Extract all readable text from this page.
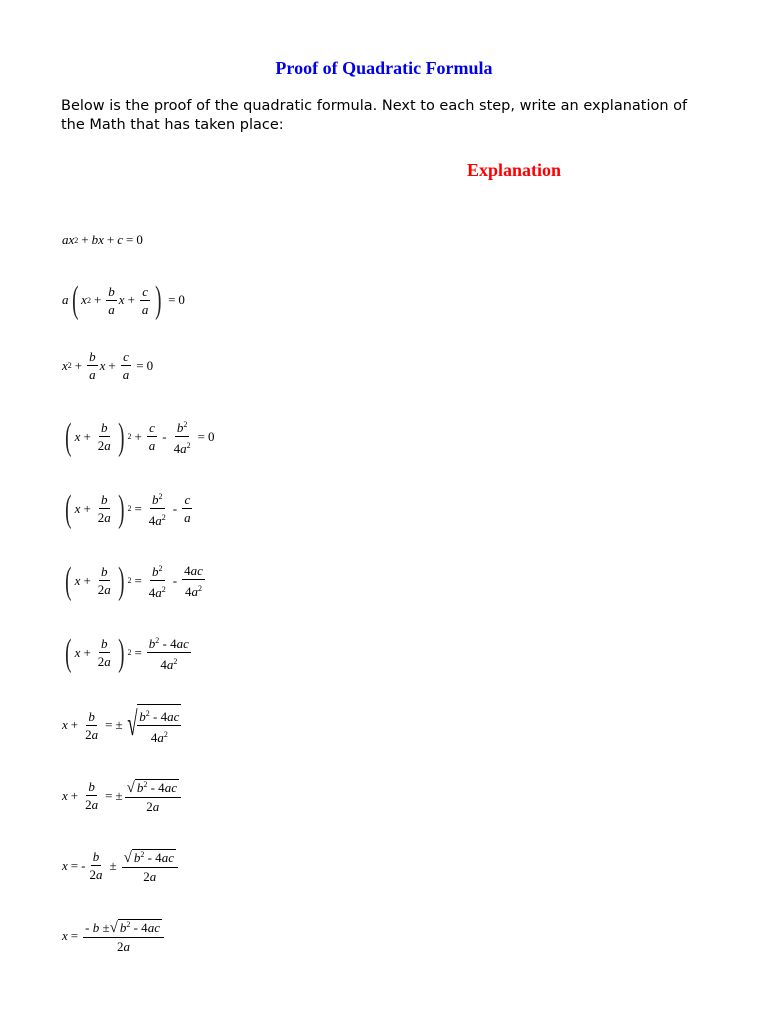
Proof of Quadratic Formula
Below is the proof of the quadratic formula. Next to each step, write an explanation of the Math that has taken place:
Explanation
ax 2 + bx + c = 0
a ( x $2 + \frac{b}{a}$ $x + \frac{c}{a}$ ) = 0
x $2 + \frac{b}{a}$ $x + \frac{c}{a} = 0$
( $x + \frac{b}{2a}$ ) $2 + \frac{c}{a} - \frac{b^2}{4a^2} = 0$
( $x + \frac{b}{2a}$ ) $2 = \frac{b^2}{4a^2} - \frac{c}{a}$
( $x + \frac{b}{2a}$ ) $2 = \frac{b^2}{4a^2} - \frac{4ac}{4a^2}$
( $x + \frac{b}{2a}$ ) $2 = \frac{b^2 - 4ac}{4a^2}$
$x + \frac{b}{2a}$ = ± √ $\frac{b^2 - 4ac}{4a^2}$
$x + \frac{b}{2a}$ = ± $\frac{√ b^2 - 4ac}{2a}$
x = - $\frac{b}{2a} \pm \frac{√ b^2 - 4ac}{2a}$
$x = \frac{- b \pm√ b^2 - 4ac}{2a}$
